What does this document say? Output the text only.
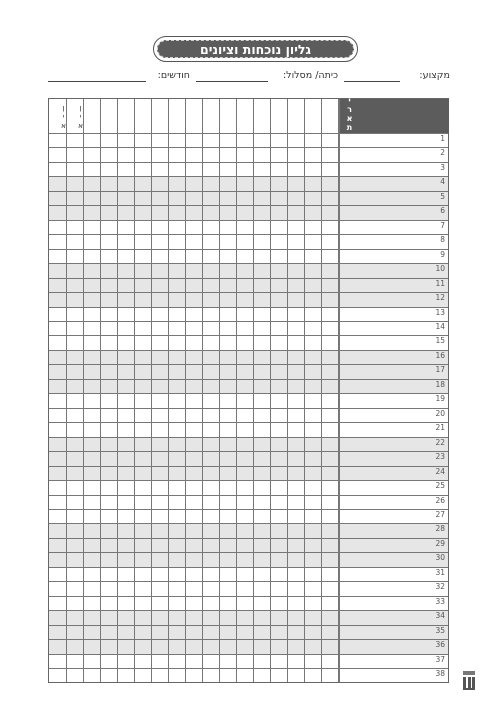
גליון נוכחות וציונים
מקצוע:
כיתה/ מסלול:
חודשים:
תאריך
אין	אין
1
2
3
4
5
6
7
8
9
10
11
12
13
14
15
16
17
18
19
20
21
22
23
24
25
26
27
28
29
30
31
32
33
34
35
36
37
38
